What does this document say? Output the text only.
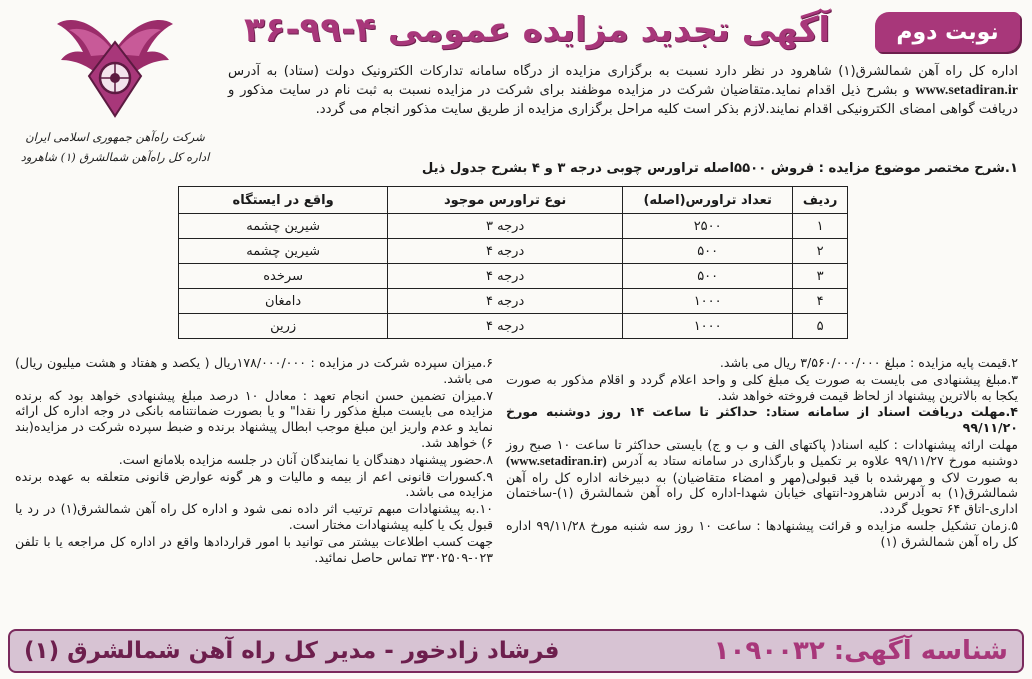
نوبت دوم
آگهی تجدید مزایده عمومی ۴-۹۹-۳۶
شرکت راه‌آهن جمهوری اسلامی ایران
اداره کل راه‌آهن شمالشرق (۱) شاهرود
اداره کل راه آهن شمالشرق(۱) شاهرود در نظر دارد نسبت به برگزاری مزایده از درگاه سامانه تدارکات الکترونیک دولت (ستاد) به آدرس www.setadiran.ir و بشرح ذیل اقدام نماید.متقاضیان شرکت در مزایده موظفند برای شرکت در مزایده نسبت به ثبت نام در سایت مذکور و دریافت گواهی امضای الکترونیکی اقدام نمایند.لازم بذکر است کلیه مراحل برگزاری مزایده از طریق سایت مذکور انجام می گردد.
۱.شرح مختصر موضوع مزایده : فروش ۵۵۰۰اصله تراورس چوبی درجه ۳ و ۴ بشرح جدول ذیل
ردیف	تعداد تراورس(اصله)	نوع تراورس موجود	واقع در ایستگاه
۱	۲۵۰۰	درجه ۳	شیرین چشمه
۲	۵۰۰	درجه ۴	شیرین چشمه
۳	۵۰۰	درجه ۴	سرخده
۴	۱۰۰۰	درجه ۴	دامغان
۵	۱۰۰۰	درجه ۴	زرین

۲.قیمت پایه مزایده : مبلغ ۳/۵۶۰/۰۰۰/۰۰۰ ریال می باشد.

۳.مبلغ پیشنهادی می بایست به صورت یک مبلغ کلی و واحد اعلام گردد و اقلام مذکور به صورت یکجا به بالاترین پیشنهاد از لحاظ قیمت فروخته خواهد شد.

۴.مهلت دریافت اسناد از سامانه ستاد: حداکثر تا ساعت ۱۴ روز دوشنبه مورخ ۹۹/۱۱/۲۰

مهلت ارائه پیشنهادات : کلیه اسناد( پاکتهای الف و ب و ج) بایستی حداکثر تا ساعت ۱۰ صبح روز دوشنبه مورخ ۹۹/۱۱/۲۷ علاوه بر تکمیل و بارگذاری در سامانه ستاد به آدرس (www.setadiran.ir) به صورت لاک و مهرشده با قید قبولی(مهر و امضاء متقاضیان) به دبیرخانه اداره کل راه آهن شمالشرق(۱) به آدرس شاهرود-انتهای خیابان شهدا-اداره کل راه آهن شمالشرق (۱)-ساختمان اداری-اتاق ۶۴ تحویل گردد.

۵.زمان تشکیل جلسه مزایده و قرائت پیشنهادها : ساعت ۱۰ روز سه شنبه مورخ ۹۹/۱۱/۲۸ اداره کل راه آهن شمالشرق (۱)

۶.میزان سپرده شرکت در مزایده : ۱۷۸/۰۰۰/۰۰۰ریال ( یکصد و هفتاد و هشت میلیون ریال) می باشد.

۷.میزان تضمین حسن انجام تعهد : معادل ۱۰ درصد مبلغ پیشنهادی خواهد بود که برنده مزایده می بایست مبلغ مذکور را نقدا" و یا بصورت ضمانتنامه بانکی در وجه اداره کل ارائه نماید و عدم واریز این مبلغ موجب ابطال پیشنهاد برنده و ضبط سپرده شرکت در مزایده(بند ۶) خواهد شد.

۸.حضور پیشنهاد دهندگان یا نمایندگان آنان در جلسه مزایده بلامانع است.

۹.کسورات قانونی اعم از بیمه و مالیات و هر گونه عوارض قانونی متعلقه به عهده برنده مزایده می باشد.

۱۰.به پیشنهادات مبهم ترتیب اثر داده نمی شود و اداره کل راه آهن شمالشرق(۱) در رد یا قبول یک یا کلیه پیشنهادات مختار است.

جهت کسب اطلاعات بیشتر می توانید با امور قراردادها واقع در اداره کل مراجعه یا با تلفن ۰۲۳-۳۳۰۲۵۰۹ تماس حاصل نمائید.

شناسه آگهی: ۱۰۹۰۰۳۲
فرشاد زادخور - مدیر کل راه آهن شمالشرق (۱)
